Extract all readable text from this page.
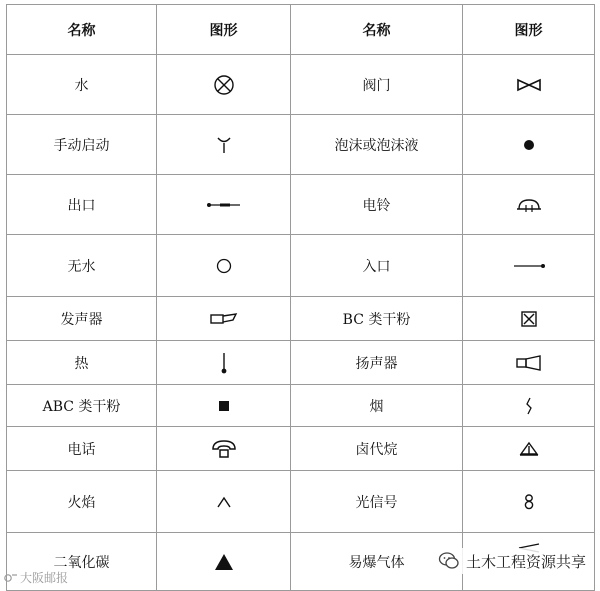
名称	图形	名称	图形
水		阀门	
手动启动		泡沫或泡沫液	
出口		电铃	
无水		入口	
发声器		BC 类干粉	
热		扬声器	
ABC 类干粉		烟	
电话		卤代烷	
火焰		光信号	
二氧化碳		易爆气体	
大阪邮报
土木工程资源共享
